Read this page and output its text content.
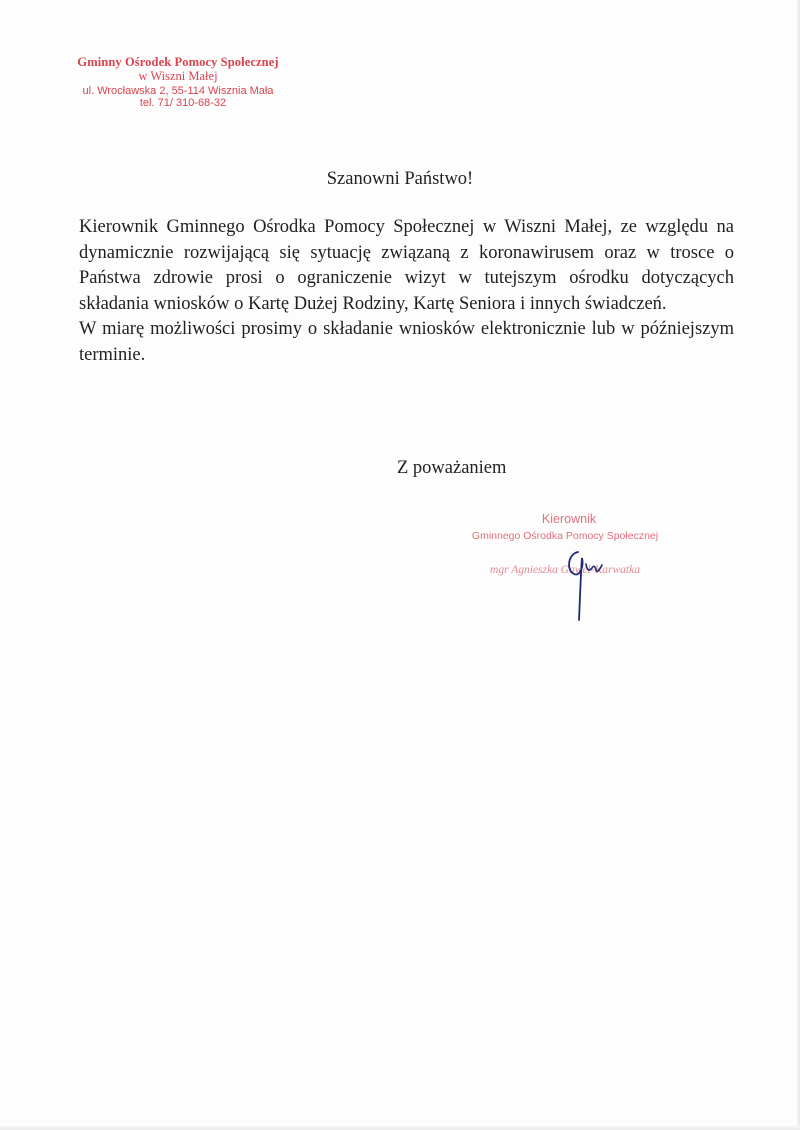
Gminny Ośrodek Pomocy Społecznej
w Wiszni Małej
ul. Wrocławska 2, 55-114 Wisznia Mała
tel. 71/ 310-68-32
Szanowni Państwo!

Kierownik Gminnego Ośrodka Pomocy Społecznej w Wiszni Małej, ze względu na dynamicznie rozwijającą się sytuację związaną z koronawirusem oraz w trosce o Państwa zdrowie prosi o ograniczenie wizyt w tutejszym ośrodku dotyczących składania wniosków o Kartę Dużej Rodziny, Kartę Seniora i innych świadczeń.

W miarę możliwości prosimy o składanie wniosków elektronicznie lub w późniejszym terminie.

Z poważaniem
Kierownik
Gminnego Ośrodka Pomocy Społecznej
mgr Agnieszka Gawel-Karwatka
